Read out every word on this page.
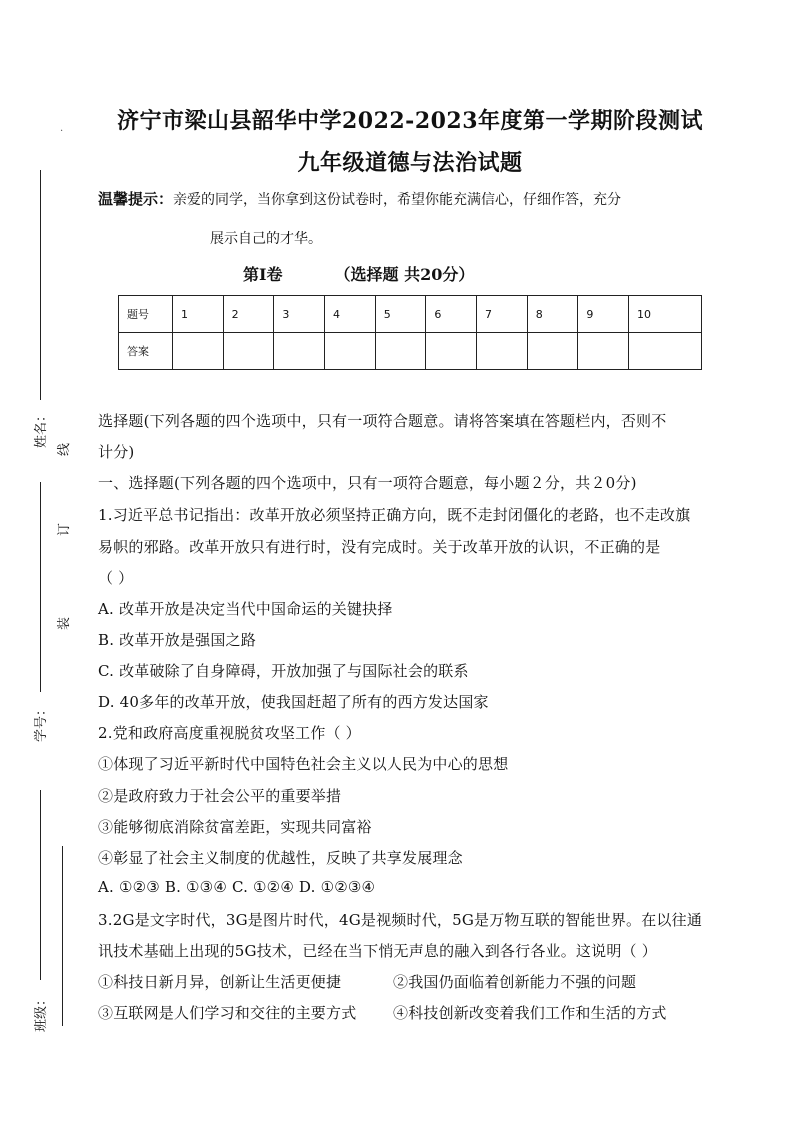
.
姓名：
线
订
装
学号：
班级：
济宁市梁山县韶华中学2022-2023年度第一学期阶段测试
九年级道德与法治试题
温馨提示：亲爱的同学，当你拿到这份试卷时，希望你能充满信心，仔细作答，充分
展示自己的才华。
第Ⅰ卷	（选择题 共20分）
题号	1	2	3	4	5	6	7	8	9	10
答案										
选择题(下列各题的四个选项中，只有一项符合题意。请将答案填在答题栏内，否则不
计分)
一、选择题(下列各题的四个选项中，只有一项符合题意，每小题２分，共２0分)
1.习近平总书记指出：改革开放必须坚持正确方向，既不走封闭僵化的老路，也不走改旗
易帜的邪路。改革开放只有进行时，没有完成时。关于改革开放的认识，不正确的是
（ ）
A. 改革开放是决定当代中国命运的关键抉择
B. 改革开放是强国之路
C. 改革破除了自身障碍，开放加强了与国际社会的联系
D. 40多年的改革开放，使我国赶超了所有的西方发达国家
2.党和政府高度重视脱贫攻坚工作（ ）
①体现了习近平新时代中国特色社会主义以人民为中心的思想
②是政府致力于社会公平的重要举措
③能够彻底消除贫富差距，实现共同富裕
④彰显了社会主义制度的优越性，反映了共享发展理念
A. ①②③ B. ①③④ C. ①②④ D. ①②③④
3.2G是文字时代，3G是图片时代，4G是视频时代，5G是万物互联的智能世界。在以往通
讯技术基础上出现的5G技术，已经在当下悄无声息的融入到各行各业。这说明（ ）
①科技日新月异，创新让生活更便捷	②我国仍面临着创新能力不强的问题
③互联网是人们学习和交往的主要方式 ④科技创新改变着我们工作和生活的方式
